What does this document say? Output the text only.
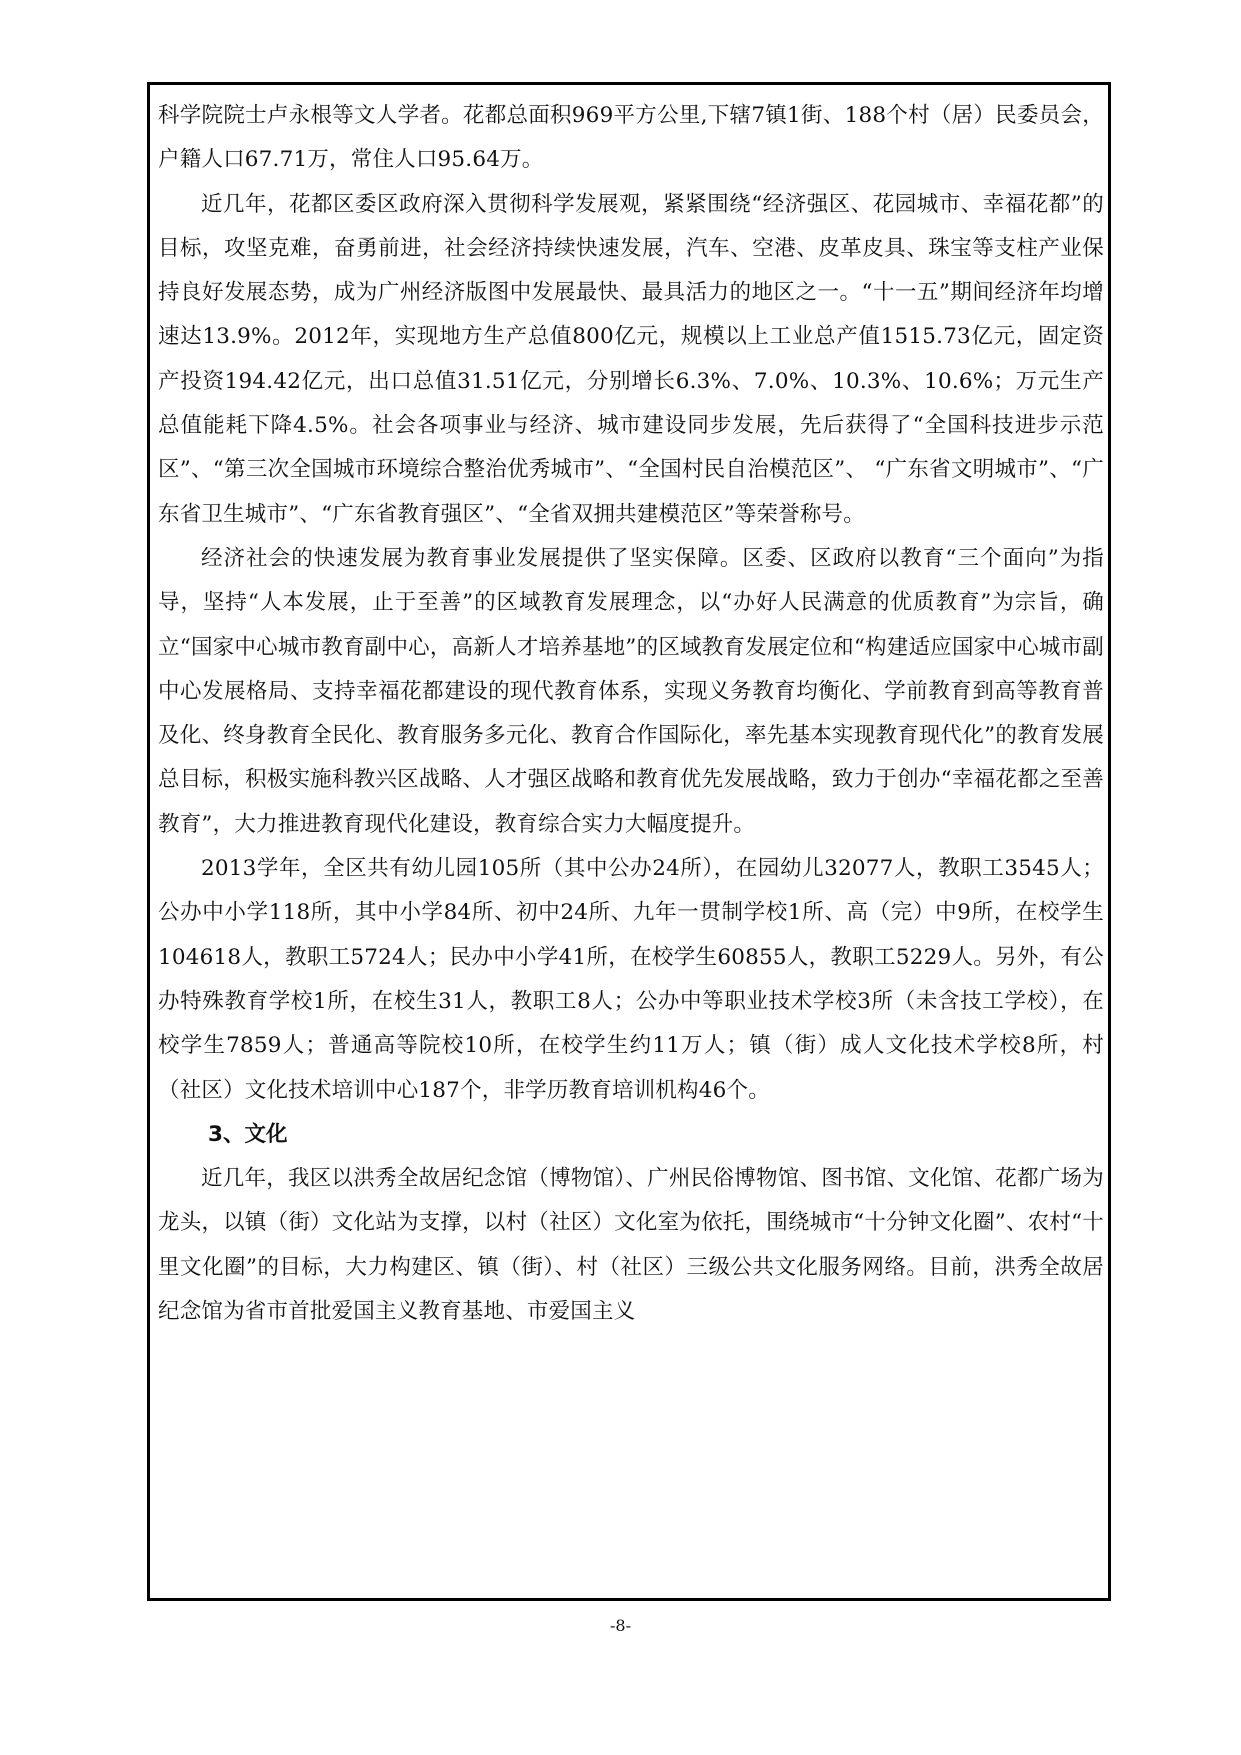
科学院院士卢永根等文人学者。花都总面积969平方公里,下辖7镇1街、188个村（居）民委员会，户籍人口67.71万，常住人口95.64万。

近几年，花都区委区政府深入贯彻科学发展观，紧紧围绕“经济强区、花园城市、幸福花都”的目标，攻坚克难，奋勇前进，社会经济持续快速发展，汽车、空港、皮革皮具、珠宝等支柱产业保持良好发展态势，成为广州经济版图中发展最快、最具活力的地区之一。“十一五”期间经济年均增速达13.9%。2012年，实现地方生产总值800亿元，规模以上工业总产值1515.73亿元，固定资产投资194.42亿元，出口总值31.51亿元，分别增长6.3%、7.0%、10.3%、10.6%；万元生产总值能耗下降4.5%。社会各项事业与经济、城市建设同步发展，先后获得了“全国科技进步示范区”、“第三次全国城市环境综合整治优秀城市”、“全国村民自治模范区”、 “广东省文明城市”、“广东省卫生城市”、“广东省教育强区”、“全省双拥共建模范区”等荣誉称号。

经济社会的快速发展为教育事业发展提供了坚实保障。区委、区政府以教育“三个面向”为指导，坚持“人本发展，止于至善”的区域教育发展理念，以“办好人民满意的优质教育”为宗旨，确立“国家中心城市教育副中心，高新人才培养基地”的区域教育发展定位和“构建适应国家中心城市副中心发展格局、支持幸福花都建设的现代教育体系，实现义务教育均衡化、学前教育到高等教育普及化、终身教育全民化、教育服务多元化、教育合作国际化，率先基本实现教育现代化”的教育发展总目标，积极实施科教兴区战略、人才强区战略和教育优先发展战略，致力于创办“幸福花都之至善教育”，大力推进教育现代化建设，教育综合实力大幅度提升。

2013学年，全区共有幼儿园105所（其中公办24所），在园幼儿32077人，教职工3545人；公办中小学118所，其中小学84所、初中24所、九年一贯制学校1所、高（完）中9所，在校学生104618人，教职工5724人；民办中小学41所，在校学生60855人，教职工5229人。另外，有公办特殊教育学校1所，在校生31人，教职工8人；公办中等职业技术学校3所（未含技工学校），在校学生7859人；普通高等院校10所，在校学生约11万人；镇（街）成人文化技术学校8所，村（社区）文化技术培训中心187个，非学历教育培训机构46个。

3、文化

近几年，我区以洪秀全故居纪念馆（博物馆）、广州民俗博物馆、图书馆、文化馆、花都广场为龙头，以镇（街）文化站为支撑，以村（社区）文化室为依托，围绕城市“十分钟文化圈”、农村“十里文化圈”的目标，大力构建区、镇（街）、村（社区）三级公共文化服务网络。目前，洪秀全故居纪念馆为省市首批爱国主义教育基地、市爱国主义

-8-
